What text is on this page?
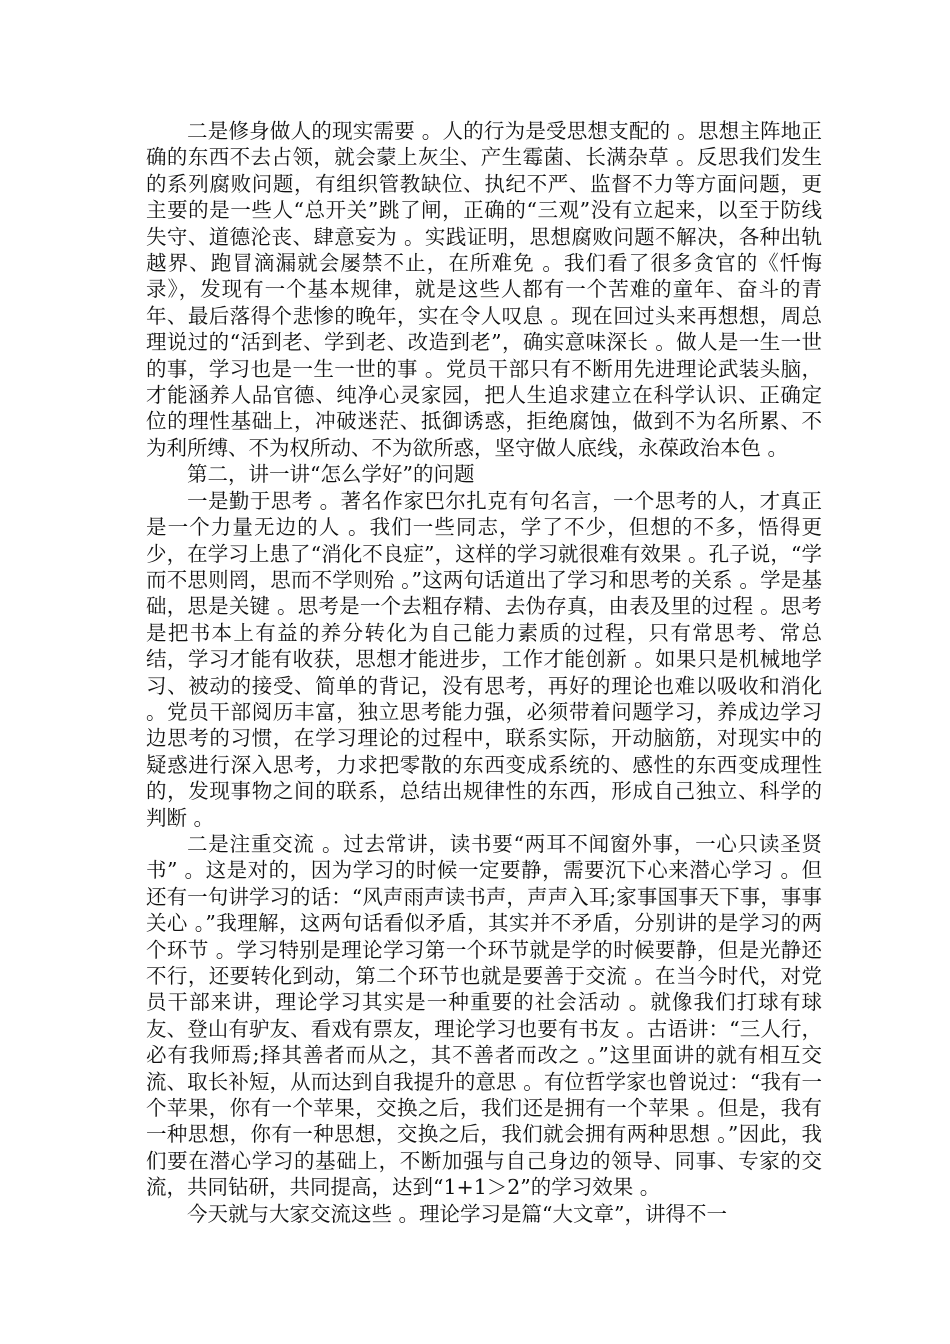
二是修身做人的现实需要 。人的行为是受思想支配的 。思想主阵地正确的东西不去占领，就会蒙上灰尘、产生霉菌、长满杂草 。反思我们发生的系列腐败问题，有组织管教缺位、执纪不严、监督不力等方面问题，更主要的是一些人“总开关”跳了闸，正确的“三观”没有立起来，以至于防线失守、道德沦丧、肆意妄为 。实践证明，思想腐败问题不解决，各种出轨越界、跑冒滴漏就会屡禁不止，在所难免 。我们看了很多贪官的《忏悔录》，发现有一个基本规律，就是这些人都有一个苦难的童年、奋斗的青年、最后落得个悲惨的晚年，实在令人叹息 。现在回过头来再想想，周总理说过的“活到老、学到老、改造到老”，确实意味深长 。做人是一生一世的事，学习也是一生一世的事 。党员干部只有不断用先进理论武装头脑，才能涵养人品官德、纯净心灵家园，把人生追求建立在科学认识、正确定位的理性基础上，冲破迷茫、抵御诱惑，拒绝腐蚀，做到不为名所累、不为利所缚、不为权所动、不为欲所惑，坚守做人底线，永葆政治本色 。

第二，讲一讲“怎么学好”的问题

一是勤于思考 。著名作家巴尔扎克有句名言，一个思考的人，才真正是一个力量无边的人 。我们一些同志，学了不少，但想的不多，悟得更少，在学习上患了“消化不良症”，这样的学习就很难有效果 。孔子说，“学而不思则罔，思而不学则殆 。”这两句话道出了学习和思考的关系 。学是基础，思是关键 。思考是一个去粗存精、去伪存真，由表及里的过程 。思考是把书本上有益的养分转化为自己能力素质的过程，只有常思考、常总结，学习才能有收获，思想才能进步，工作才能创新 。如果只是机械地学习、被动的接受、简单的背记，没有思考，再好的理论也难以吸收和消化 。党员干部阅历丰富，独立思考能力强，必须带着问题学习，养成边学习边思考的习惯，在学习理论的过程中，联系实际，开动脑筋，对现实中的疑惑进行深入思考，力求把零散的东西变成系统的、感性的东西变成理性的，发现事物之间的联系，总结出规律性的东西，形成自己独立、科学的判断 。

二是注重交流 。过去常讲，读书要“两耳不闻窗外事，一心只读圣贤书” 。这是对的，因为学习的时候一定要静，需要沉下心来潜心学习 。但还有一句讲学习的话：“风声雨声读书声，声声入耳;家事国事天下事，事事关心 。”我理解，这两句话看似矛盾，其实并不矛盾，分别讲的是学习的两个环节 。学习特别是理论学习第一个环节就是学的时候要静，但是光静还不行，还要转化到动，第二个环节也就是要善于交流 。在当今时代，对党员干部来讲，理论学习其实是一种重要的社会活动 。就像我们打球有球友、登山有驴友、看戏有票友，理论学习也要有书友 。古语讲：“三人行，必有我师焉;择其善者而从之，其不善者而改之 。”这里面讲的就有相互交流、取长补短，从而达到自我提升的意思 。有位哲学家也曾说过：“我有一个苹果，你有一个苹果，交换之后，我们还是拥有一个苹果 。但是，我有一种思想，你有一种思想，交换之后，我们就会拥有两种思想 。”因此，我们要在潜心学习的基础上，不断加强与自己身边的领导、同事、专家的交流，共同钻研，共同提高，达到“1+1＞2”的学习效果 。

今天就与大家交流这些 。理论学习是篇“大文章”，讲得不一
